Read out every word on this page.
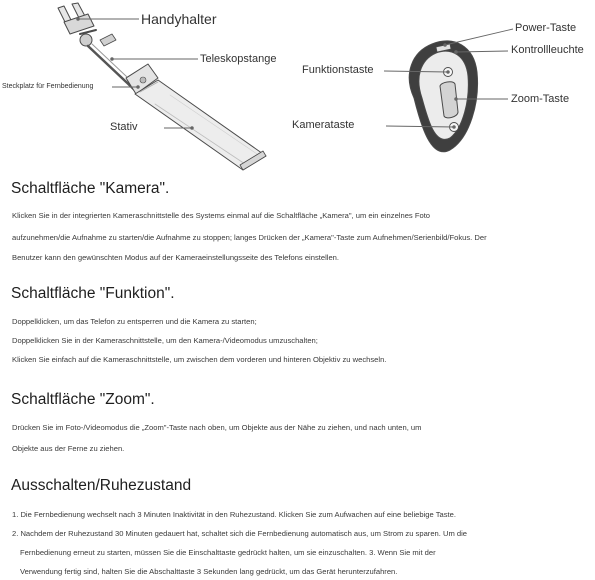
Handyhalter
Teleskopstange
Steckplatz für Fernbedienung
Stativ
Power-Taste
Kontrollleuchte
Funktionstaste
Zoom-Taste
Kamerataste
Schaltfläche "Kamera".

Klicken Sie in der integrierten Kameraschnittstelle des Systems einmal auf die Schaltfläche „Kamera", um ein einzelnes Foto

aufzunehmen/die Aufnahme zu starten/die Aufnahme zu stoppen; langes Drücken der „Kamera"-Taste zum Aufnehmen/Serienbild/Fokus. Der

Benutzer kann den gewünschten Modus auf der Kameraeinstellungsseite des Telefons einstellen.

Schaltfläche "Funktion".

Doppelklicken, um das Telefon zu entsperren und die Kamera zu starten;

Doppelklicken Sie in der Kameraschnittstelle, um den Kamera-/Videomodus umzuschalten;

Klicken Sie einfach auf die Kameraschnittstelle, um zwischen dem vorderen und hinteren Objektiv zu wechseln.

Schaltfläche "Zoom".

Drücken Sie im Foto-/Videomodus die „Zoom"-Taste nach oben, um Objekte aus der Nähe zu ziehen, und nach unten, um

Objekte aus der Ferne zu ziehen.

Ausschalten/Ruhezustand

1. Die Fernbedienung wechselt nach 3 Minuten Inaktivität in den Ruhezustand. Klicken Sie zum Aufwachen auf eine beliebige Taste.

2. Nachdem der Ruhezustand 30 Minuten gedauert hat, schaltet sich die Fernbedienung automatisch aus, um Strom zu sparen. Um die

Fernbedienung erneut zu starten, müssen Sie die Einschalttaste gedrückt halten, um sie einzuschalten. 3. Wenn Sie mit der

Verwendung fertig sind, halten Sie die Abschalttaste 3 Sekunden lang gedrückt, um das Gerät herunterzufahren.
